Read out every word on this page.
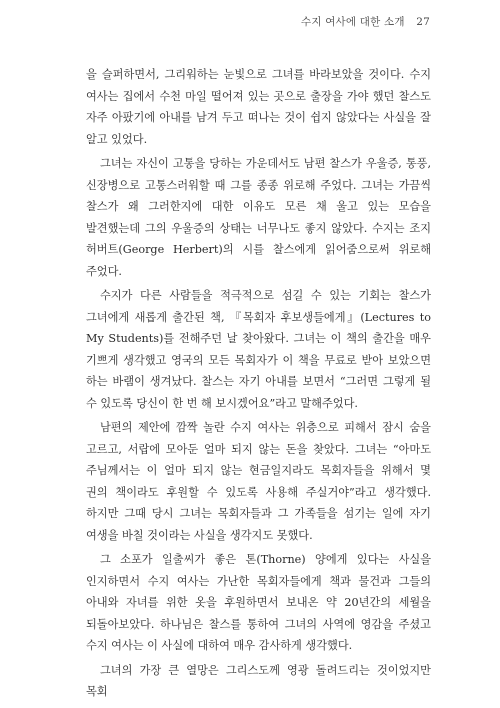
수지 여사에 대한 소개 27

을 슬퍼하면서, 그리워하는 눈빛으로 그녀를 바라보았을 것이다. 수지 여사는 집에서 수천 마일 떨어져 있는 곳으로 출장을 가야 했던 찰스도 자주 아팠기에 아내를 남겨 두고 떠나는 것이 쉽지 않았다는 사실을 잘 알고 있었다.

그녀는 자신이 고통을 당하는 가운데서도 남편 찰스가 우울증, 통풍, 신장병으로 고통스러워할 때 그를 종종 위로해 주었다. 그녀는 가끔씩 찰스가 왜 그러한지에 대한 이유도 모른 채 울고 있는 모습을 발견했는데 그의 우울증의 상태는 너무나도 좋지 않았다. 수지는 조지 허버트(George Herbert)의 시를 찰스에게 읽어줌으로써 위로해 주었다.

수지가 다른 사람들을 적극적으로 섬길 수 있는 기회는 찰스가 그녀에게 새롭게 출간된 책, 『목회자 후보생들에게』(Lectures to My Students)를 전해주던 날 찾아왔다. 그녀는 이 책의 출간을 매우 기쁘게 생각했고 영국의 모든 목회자가 이 책을 무료로 받아 보았으면 하는 바램이 생겨났다. 찰스는 자기 아내를 보면서 “그러면 그렇게 될 수 있도록 당신이 한 번 해 보시겠어요”라고 말해주었다.

남편의 제안에 깜짝 놀란 수지 여사는 위층으로 피해서 잠시 숨을 고르고, 서랍에 모아둔 얼마 되지 않는 돈을 찾았다. 그녀는 “아마도 주님께서는 이 얼마 되지 않는 현금일지라도 목회자들을 위해서 몇 권의 책이라도 후원할 수 있도록 사용해 주실거야”라고 생각했다. 하지만 그때 당시 그녀는 목회자들과 그 가족들을 섬기는 일에 자기 여생을 바칠 것이라는 사실을 생각지도 못했다.

그 소포가 일출씨가 좋은 톤(Thorne) 양에게 있다는 사실을 인지하면서 수지 여사는 가난한 목회자들에게 책과 물건과 그들의 아내와 자녀를 위한 옷을 후원하면서 보내온 약 20년간의 세월을 되돌아보았다. 하나님은 찰스를 통하여 그녀의 사역에 영감을 주셨고 수지 여사는 이 사실에 대하여 매우 감사하게 생각했다.

그녀의 가장 큰 열망은 그리스도께 영광 돌려드리는 것이었지만 목회
